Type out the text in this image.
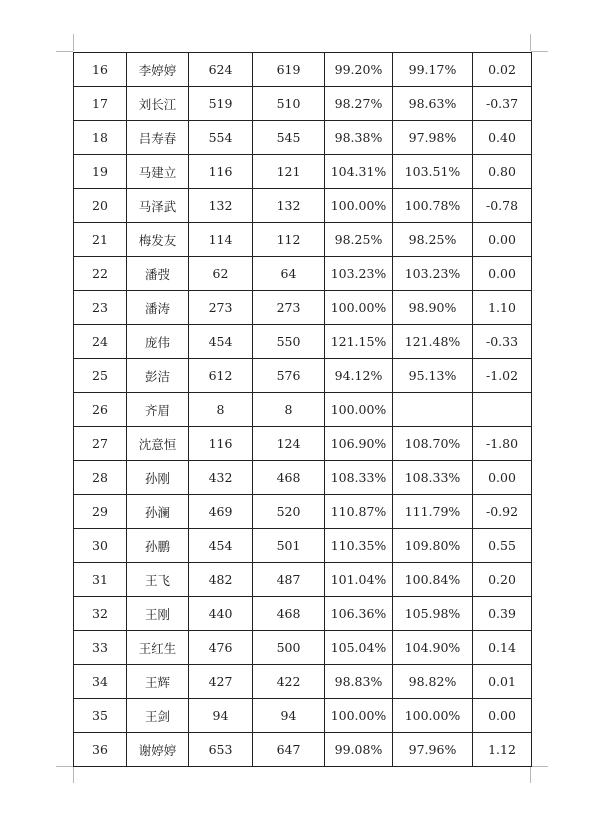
16	李婷婷	624	619	99.20%	99.17%	0.02
17	刘长江	519	510	98.27%	98.63%	-0.37
18	吕寿春	554	545	98.38%	97.98%	0.40
19	马建立	116	121	104.31%	103.51%	0.80
20	马泽武	132	132	100.00%	100.78%	-0.78
21	梅发友	114	112	98.25%	98.25%	0.00
22	潘弢	62	64	103.23%	103.23%	0.00
23	潘涛	273	273	100.00%	98.90%	1.10
24	庞伟	454	550	121.15%	121.48%	-0.33
25	彭洁	612	576	94.12%	95.13%	-1.02
26	齐眉	8	8	100.00%		
27	沈意恒	116	124	106.90%	108.70%	-1.80
28	孙刚	432	468	108.33%	108.33%	0.00
29	孙澜	469	520	110.87%	111.79%	-0.92
30	孙鹏	454	501	110.35%	109.80%	0.55
31	王飞	482	487	101.04%	100.84%	0.20
32	王刚	440	468	106.36%	105.98%	0.39
33	王红生	476	500	105.04%	104.90%	0.14
34	王辉	427	422	98.83%	98.82%	0.01
35	王剑	94	94	100.00%	100.00%	0.00
36	谢婷婷	653	647	99.08%	97.96%	1.12
